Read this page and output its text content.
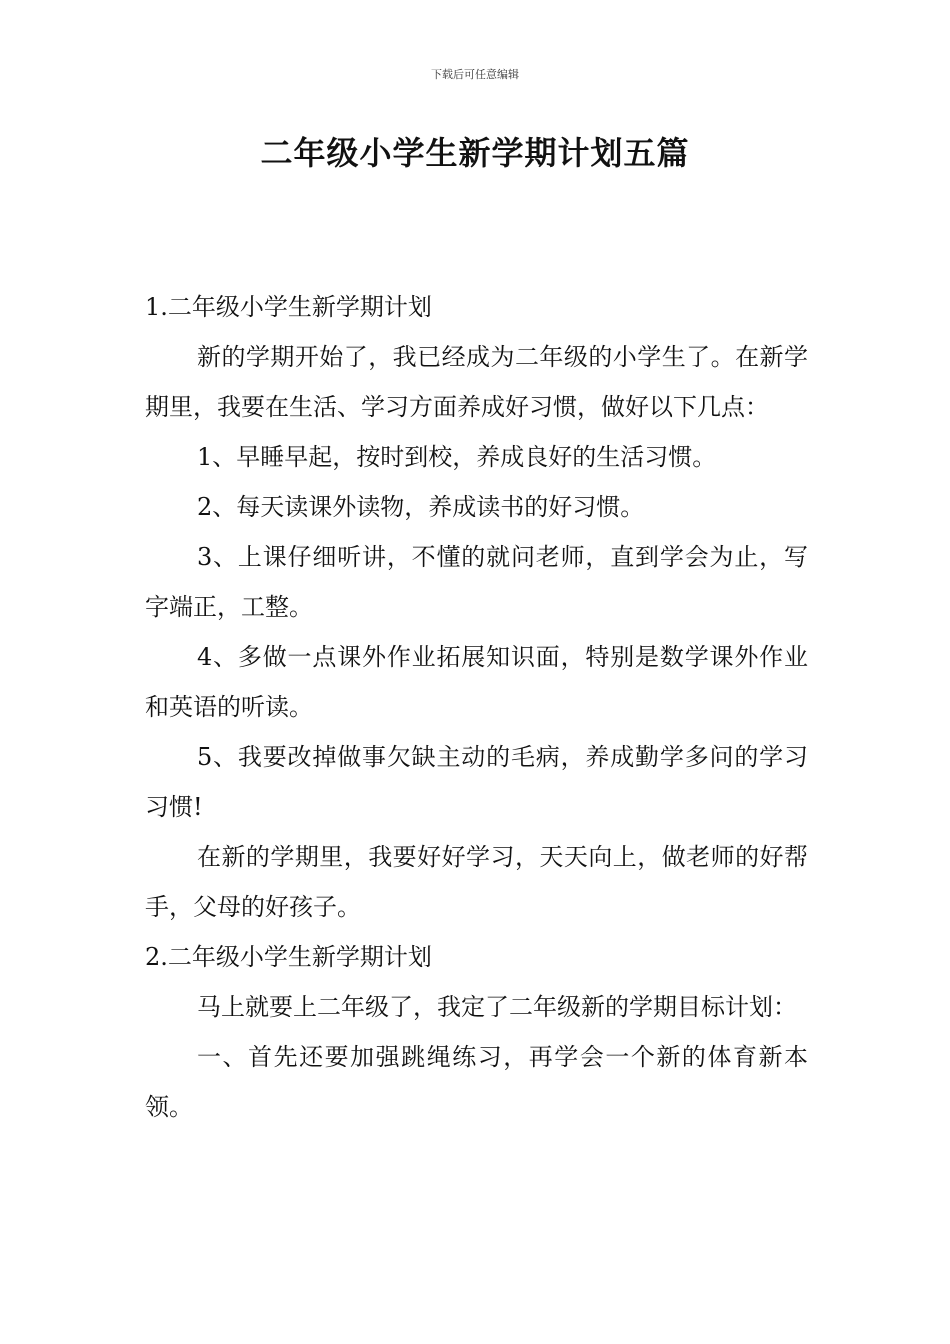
下载后可任意编辑
二年级小学生新学期计划五篇

1.二年级小学生新学期计划

新的学期开始了，我已经成为二年级的小学生了。在新学期里，我要在生活、学习方面养成好习惯，做好以下几点：

1、早睡早起，按时到校，养成良好的生活习惯。

2、每天读课外读物，养成读书的好习惯。

3、上课仔细听讲，不懂的就问老师，直到学会为止，写字端正，工整。

4、多做一点课外作业拓展知识面，特别是数学课外作业和英语的听读。

5、我要改掉做事欠缺主动的毛病，养成勤学多问的学习习惯!

在新的学期里，我要好好学习，天天向上，做老师的好帮手，父母的好孩子。

2.二年级小学生新学期计划

马上就要上二年级了，我定了二年级新的学期目标计划：

一、首先还要加强跳绳练习，再学会一个新的体育新本领。
